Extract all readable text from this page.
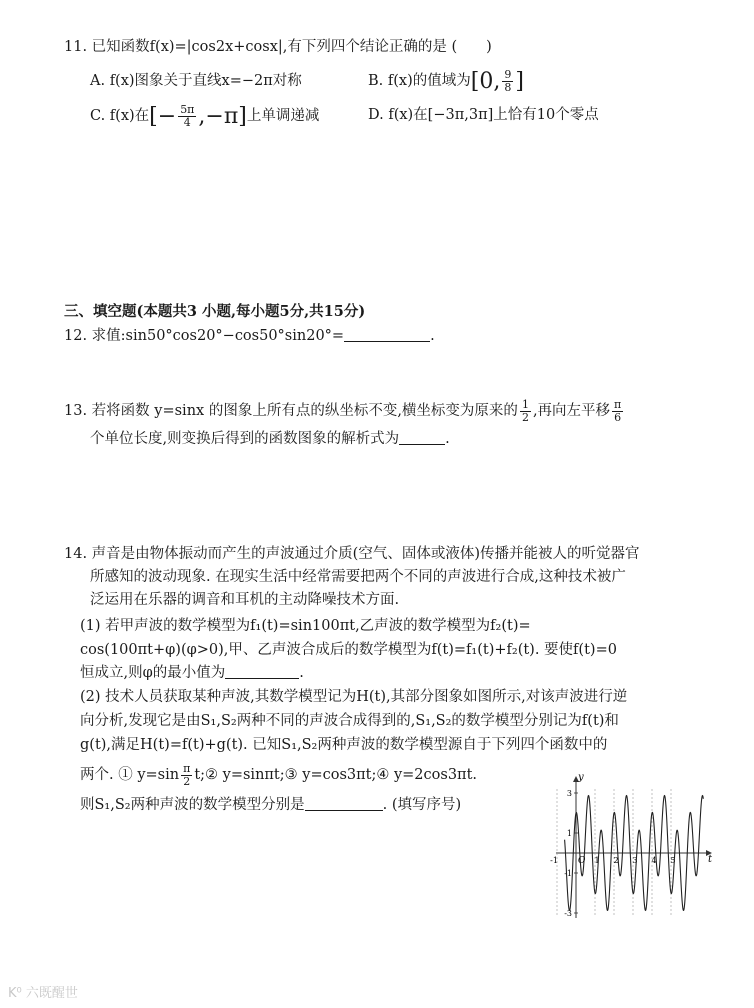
11. 已知函数f(x)=|cos2x+cosx|,有下列四个结论正确的是 (　　)
A. f(x)图象关于直线x=−2π对称	B. f(x)的值域为[0, $\frac{9}{8}$ ]
C. f(x)在[− $\frac{5\pi}{4} ,-\pi$]上单调递减	D. f(x)在[−3π,3π]上恰有10个零点
三、填空题(本题共3 小题,每小题5分,共15分)
12. 求值:sin50°cos20°−cos50°sin20°=	.
13. 若将函数 y=sinx 的图象上所有点的纵坐标不变,横坐标变为原来的 $\frac{1}{2}$ ,再向左平移 $\frac{\pi}{6}$
个单位长度,则变换后得到的函数图象的解析式为	.
14. 声音是由物体振动而产生的声波通过介质(空气、固体或液体)传播并能被人的听觉器官
所感知的波动现象. 在现实生活中经常需要把两个不同的声波进行合成,这种技术被广
泛运用在乐器的调音和耳机的主动降噪技术方面.
(1) 若甲声波的数学模型为f₁(t)=sin100πt,乙声波的数学模型为f₂(t)=
cos(100πt+φ)(φ>0),甲、乙声波合成后的数学模型为f(t)=f₁(t)+f₂(t). 要使f(t)=0
恒成立,则φ的最小值为	.
(2) 技术人员获取某种声波,其数学模型记为H(t),其部分图象如图所示,对该声波进行逆
向分析,发现它是由S₁,S₂两种不同的声波合成得到的,S₁,S₂的数学模型分别记为f(t)和
g(t),满足H(t)=f(t)+g(t). 已知S₁,S₂两种声波的数学模型源自于下列四个函数中的
两个. ① $y=\sin \frac{\pi}{2}$ t;② y=sinπt;③ y=cos3πt;④ y=2cos3πt.
则S₁,S₂两种声波的数学模型分别是	. (填写序号)
3
1
-1
-3
-1	1 2 3 4 5
y
t
O
K⁰ 六既醒世
